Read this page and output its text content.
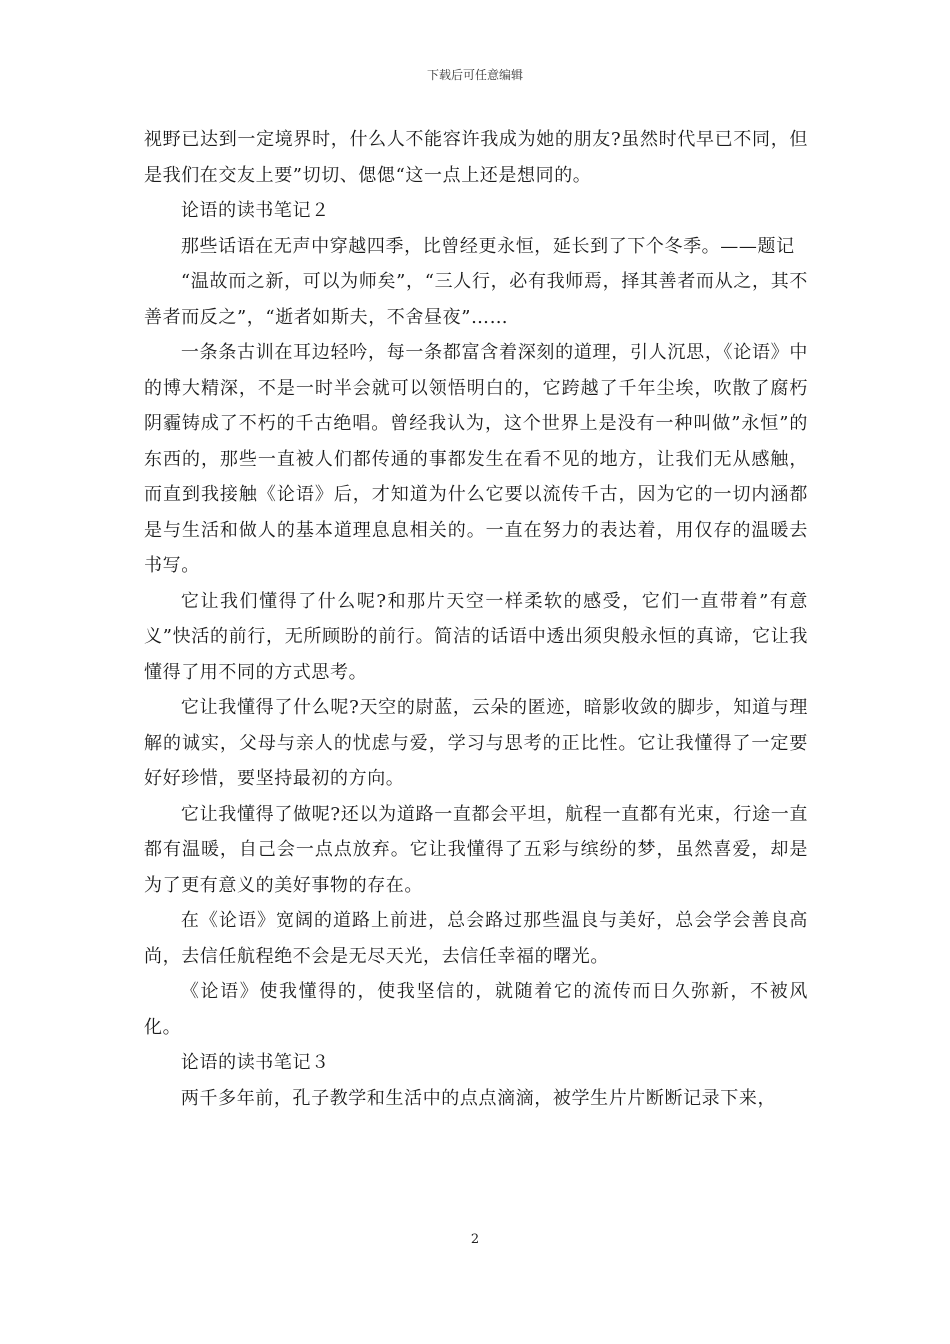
下载后可任意编辑

视野已达到一定境界时，什么人不能容许我成为她的朋友?虽然时代早已不同，但是我们在交友上要”切切、偲偲“这一点上还是想同的。

论语的读书笔记２

那些话语在无声中穿越四季，比曾经更永恒，延长到了下个冬季。——题记

“温故而之新，可以为师矣”，“三人行，必有我师焉，择其善者而从之，其不善者而反之”，“逝者如斯夫，不舍昼夜”……

一条条古训在耳边轻吟，每一条都富含着深刻的道理，引人沉思，《论语》中的博大精深，不是一时半会就可以领悟明白的，它跨越了千年尘埃，吹散了腐朽阴霾铸成了不朽的千古绝唱。曾经我认为，这个世界上是没有一种叫做”永恒”的东西的，那些一直被人们都传通的事都发生在看不见的地方，让我们无从感触，而直到我接触《论语》后，才知道为什么它要以流传千古，因为它的一切内涵都是与生活和做人的基本道理息息相关的。一直在努力的表达着，用仅存的温暖去书写。

它让我们懂得了什么呢?和那片天空一样柔软的感受，它们一直带着”有意义”快活的前行，无所顾盼的前行。简洁的话语中透出须臾般永恒的真谛，它让我懂得了用不同的方式思考。

它让我懂得了什么呢?天空的尉蓝，云朵的匿迹，暗影收敛的脚步，知道与理解的诚实，父母与亲人的忧虑与爱，学习与思考的正比性。它让我懂得了一定要好好珍惜，要坚持最初的方向。

它让我懂得了做呢?还以为道路一直都会平坦，航程一直都有光束，行途一直都有温暖，自己会一点点放弃。它让我懂得了五彩与缤纷的梦，虽然喜爱，却是为了更有意义的美好事物的存在。

在《论语》宽阔的道路上前进，总会路过那些温良与美好，总会学会善良高尚，去信任航程绝不会是无尽天光，去信任幸福的曙光。

《论语》使我懂得的，使我坚信的，就随着它的流传而日久弥新，不被风化。

论语的读书笔记３

两千多年前，孔子教学和生活中的点点滴滴，被学生片片断断记录下来，

2
